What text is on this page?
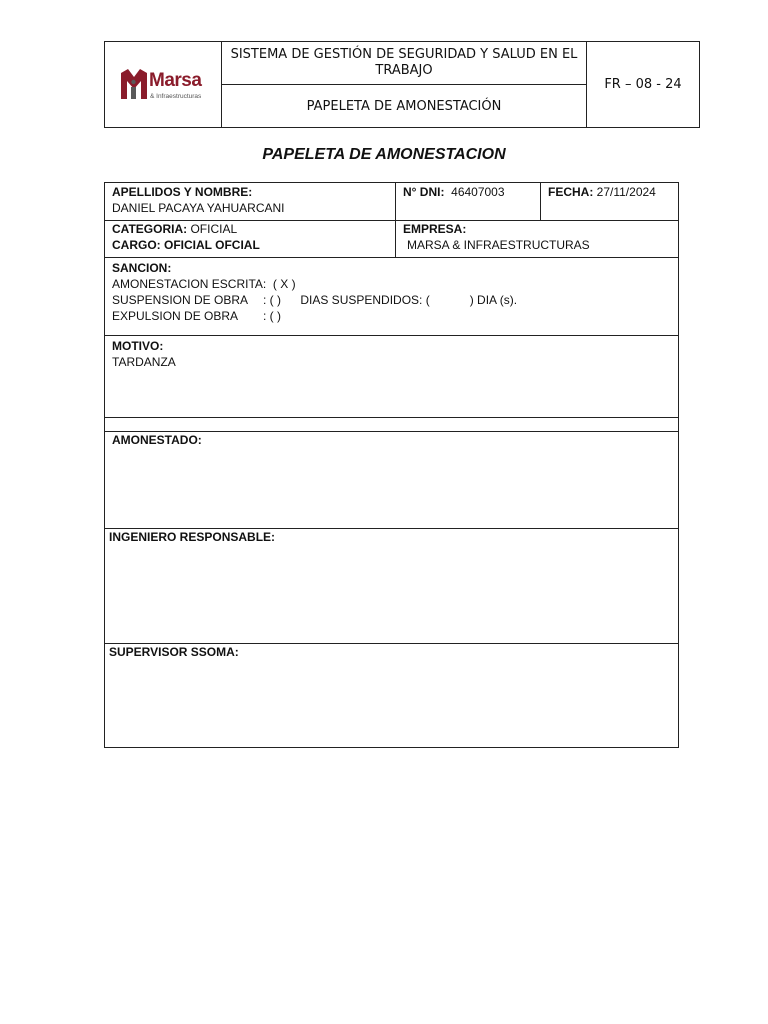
Marsa
& Infraestructuras
SISTEMA DE GESTIÓN DE SEGURIDAD Y SALUD EN EL TRABAJO
PAPELETA DE AMONESTACIÓN
FR – 08 - 24
PAPELETA DE AMONESTACION
APELLIDOS Y NOMBRE:
DANIEL PACAYA YAHUARCANI
N° DNI: 46407003	FECHA: 27/11/2024
CATEGORIA: OFICIAL
CARGO: OFICIAL OFCIAL
EMPRESA:
MARSA & INFRAESTRUCTURAS
SANCION:
AMONESTACION ESCRITA: ( X )
SUSPENSION DE OBRA : ( ) DIAS SUSPENDIDOS: (            ) DIA (s).
EXPULSION DE OBRA : ( )
MOTIVO:
TARDANZA
AMONESTADO:
INGENIERO RESPONSABLE:
SUPERVISOR SSOMA:
